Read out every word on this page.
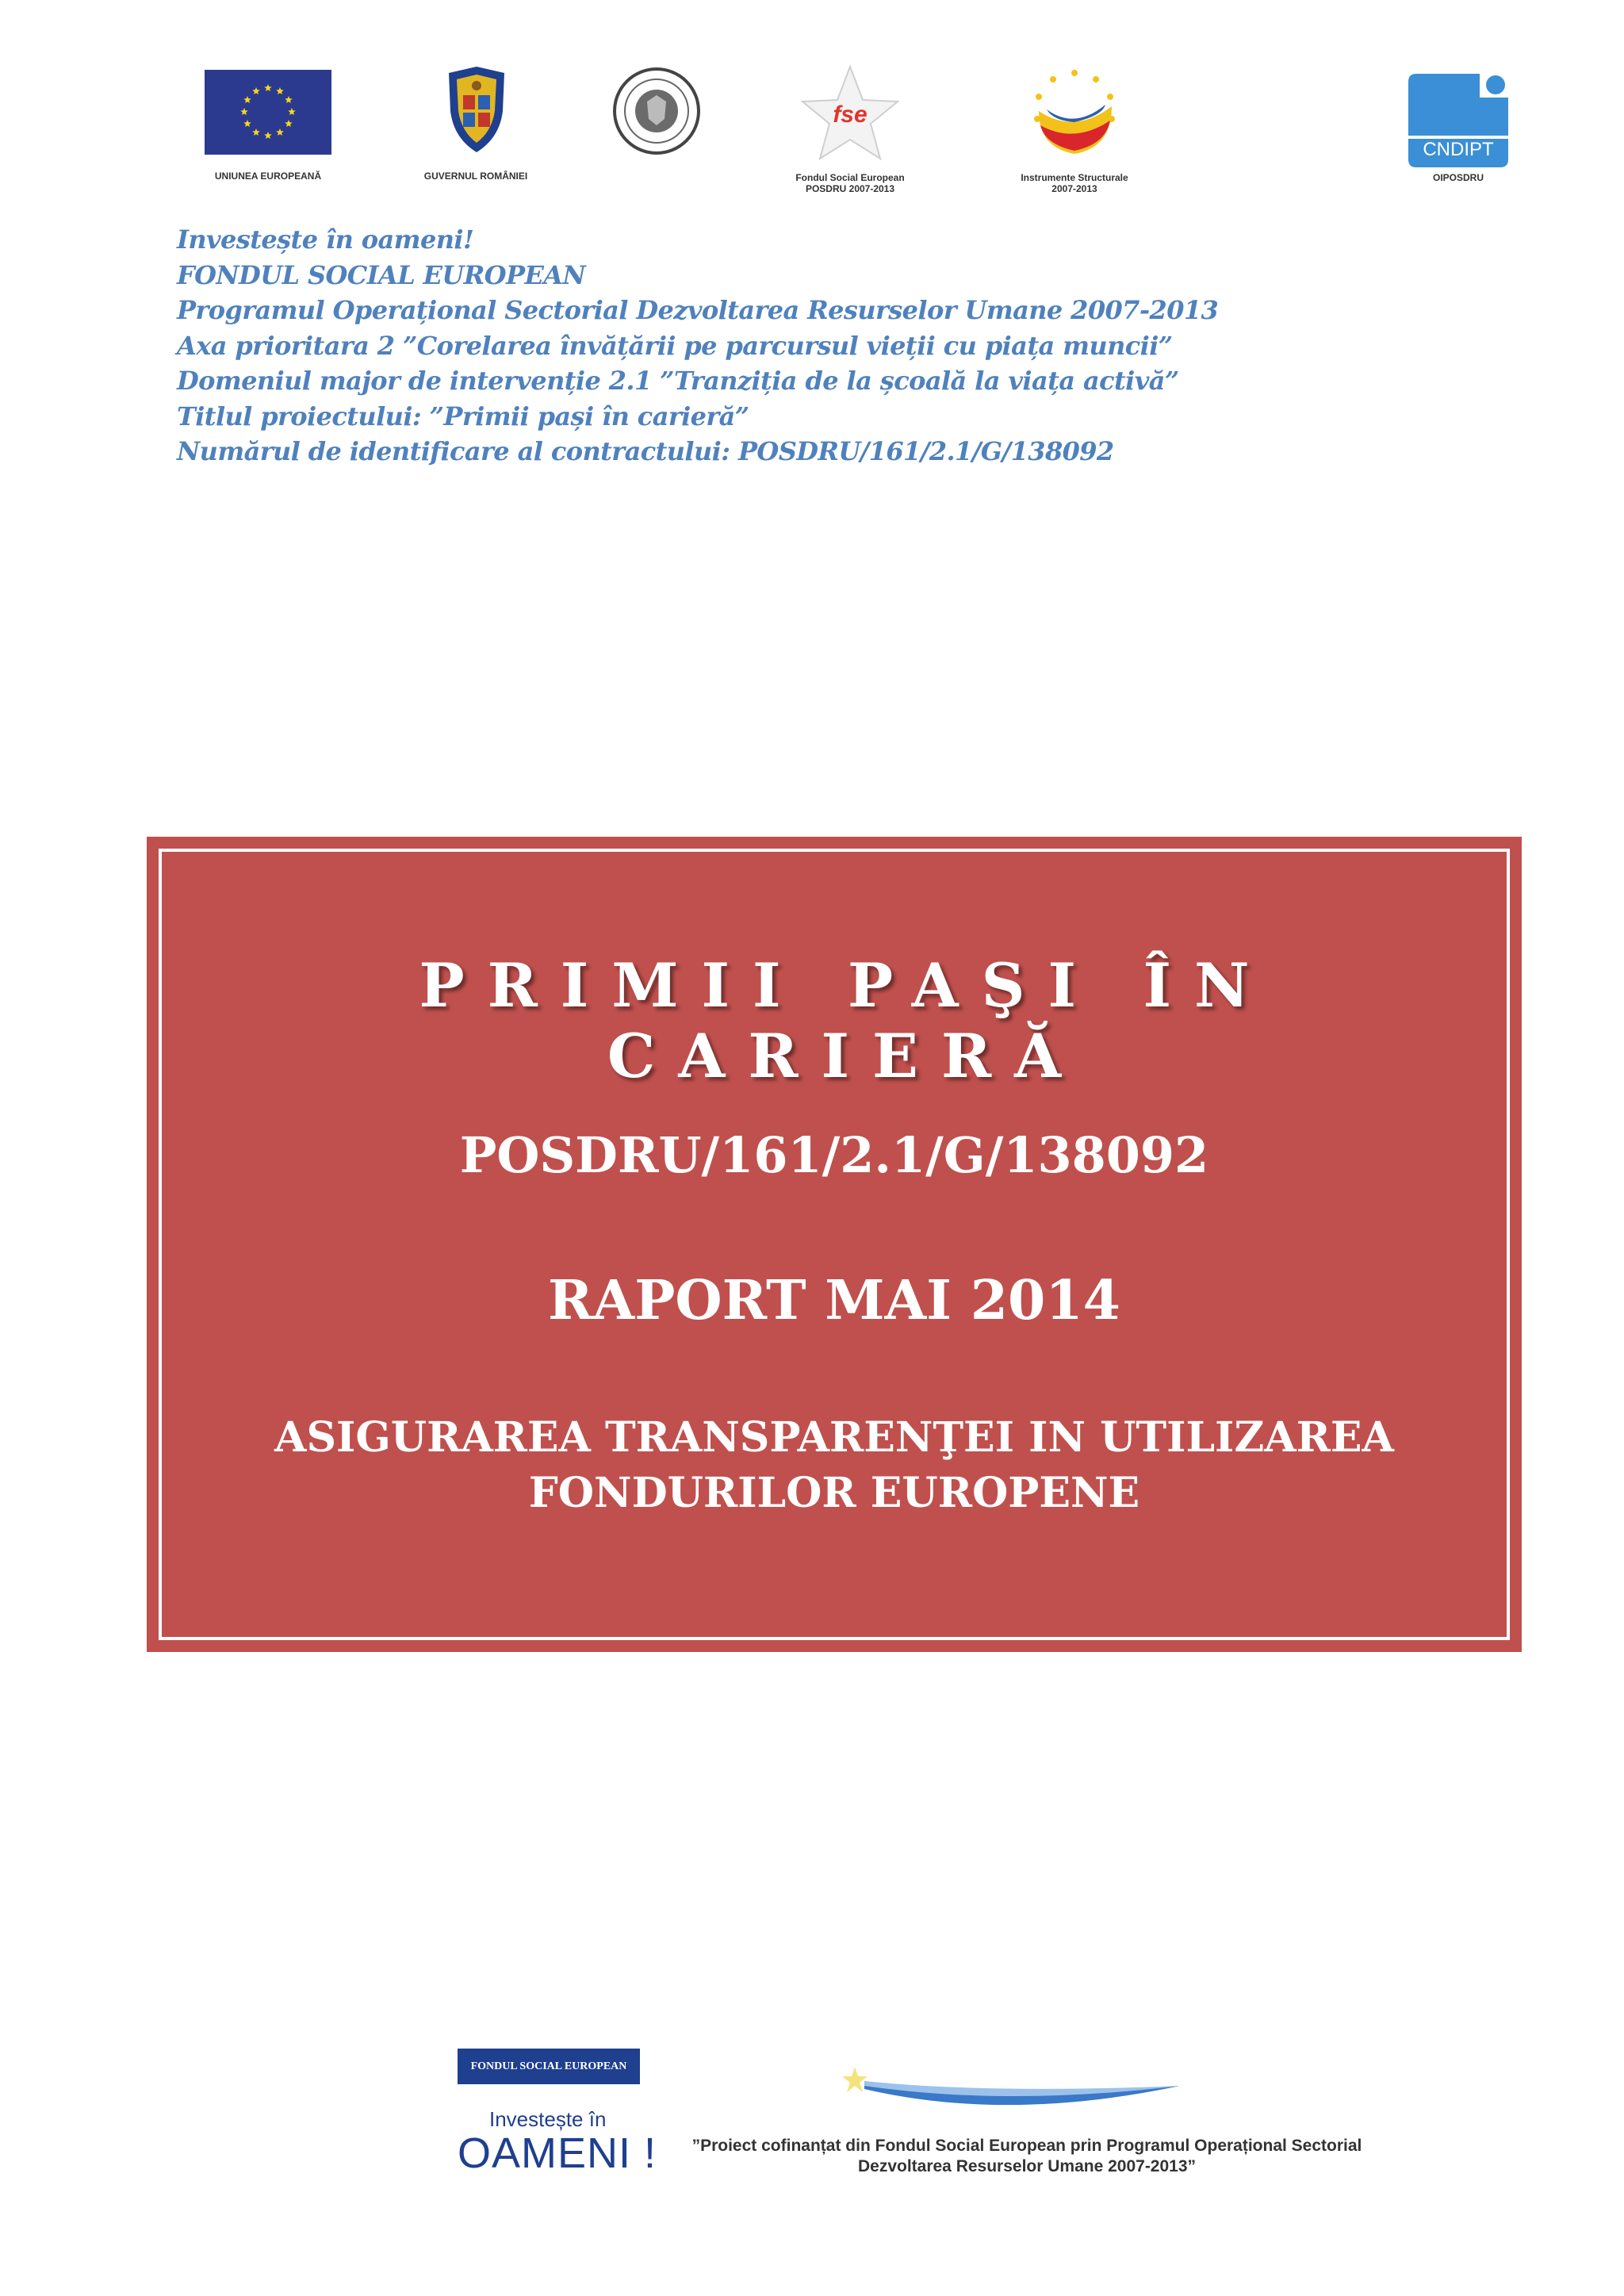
UNIUNEA EUROPEANĂ	GUVERNUL ROMÂNIEI
fse
Fondul Social European
POSDRU 2007-2013
Instrumente Structurale
2007-2013
CNDIPT
OIPOSDRU
Investește în oameni!
FONDUL SOCIAL EUROPEAN
Programul Operațional Sectorial Dezvoltarea Resurselor Umane 2007-2013
Axa prioritara 2 ”Corelarea învățării pe parcursul vieții cu piața muncii”
Domeniul major de intervenție 2.1 ”Tranziția de la școală la viața activă”
Titlul proiectului: ”Primii pași în carieră”
Numărul de identificare al contractului: POSDRU/161/2.1/G/138092
PRIMII PAŞI ÎN CARIERĂ
POSDRU/161/2.1/G/138092
RAPORT MAI 2014
ASIGURAREA TRANSPARENŢEI IN UTILIZAREA
FONDURILOR EUROPENE
FONDUL SOCIAL EUROPEAN
Investește în
OAMENI !	”Proiect cofinanțat din Fondul Social European prin Programul Operațional Sectorial
Dezvoltarea Resurselor Umane 2007-2013”
